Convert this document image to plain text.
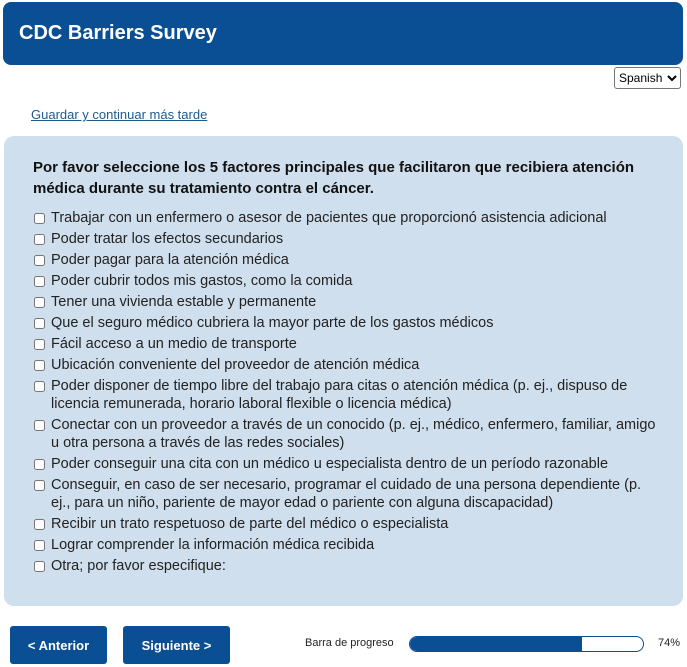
CDC Barriers Survey
Spanish
Guardar y continuar más tarde
Por favor seleccione los 5 factores principales que facilitaron que recibiera atención médica durante su tratamiento contra el cáncer.
Trabajar con un enfermero o asesor de pacientes que proporcionó asistencia adicional
Poder tratar los efectos secundarios
Poder pagar para la atención médica
Poder cubrir todos mis gastos, como la comida
Tener una vivienda estable y permanente
Que el seguro médico cubriera la mayor parte de los gastos médicos
Fácil acceso a un medio de transporte
Ubicación conveniente del proveedor de atención médica
Poder disponer de tiempo libre del trabajo para citas o atención médica (p. ej., dispuso de licencia remunerada, horario laboral flexible o licencia médica)
Conectar con un proveedor a través de un conocido (p. ej., médico, enfermero, familiar, amigo u otra persona a través de las redes sociales)
Poder conseguir una cita con un médico u especialista dentro de un período razonable
Conseguir, en caso de ser necesario, programar el cuidado de una persona dependiente (p. ej., para un niño, pariente de mayor edad o pariente con alguna discapacidad)
Recibir un trato respetuoso de parte del médico o especialista
Lograr comprender la información médica recibida
Otra; por favor especifique:
< Anterior	Siguiente >	Barra de progreso	74%
